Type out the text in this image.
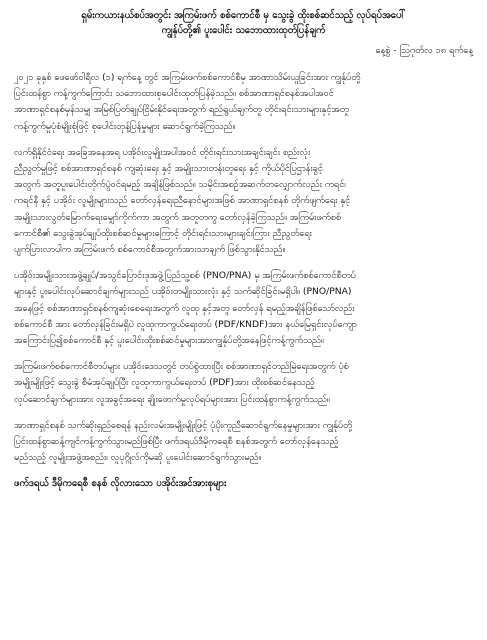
ရှမ်းကယားနယ်စပ်အတွင်း အကြမ်းဖက် စစ်ကောင်စီ မှ သွေးခွဲ ထိုးစစ်ဆင်သည့် လုပ်ရပ်အပေါ်
ကျွန်ုပ်တို့၏ ပူးပေါင်း သဘောထားထုတ်ပြန်ချက်
နေ့စွဲ - ဩဂုတ်လ ၁၈ ရက်နေ့
၂၀၂၁ ခုနှစ် ဖေဖော်ဝါရီလ (၁) ရက်နေ့ တွင် အကြမ်းဖက်စစ်ကောင်စီမှ အာဏာသိမ်းယူခြင်းအား ကျွန်ုပ်တို့
ပြင်းထန်စွာ ကန့်ကွက်ကြောင်း သဘောထားစုပေါင်းထုတ်ပြန်ခဲ့သည်။ စစ်အာဏာရှင်စနစ်အပါအဝင်
အာဏာရှင်စနစ်မှန်သမျှ အမြစ်ပြတ်ချုပ်ငြိမ်းနိုင်ရေးအတွက် ရည်ရွယ်ချက်တူ တိုင်းရင်းသားများနှင့်အတူ
ကန့်ကွက်မှုပုံစံမျိုးစုံဖြင့် စုပေါင်းတုန့်ပြန်မှုများ ဆောင်ရွက်ခဲ့ကြသည်။
လက်ရှိနိုင်ငံရေး အခြေအနေအရ ပအိုဝ်းလူမျိုးအပါအဝင် တိုင်းရင်းသားအချင်းချင်း စည်းလုံး
ညီညွတ်မှုဖြင့် စစ်အာဏာရှင်စနစ် ကျဆုံးရေး နှင့် အမျိုးသားတန်းတူရေး နှင့် ကိုယ်ပိုင်ပြဌာန်းခွင့်
အတွက် အတူပူးပေါင်းတိုက်ပွဲဝင်ရမည့် အချိန်ဖြစ်သည်။ သမိုင်းအစဉ်အဆက်တလျှောက်လည်း ကရင်၊
ကရင်နီ နှင့် ပအိုဝ်း လူမျိုးများသည် တော်လှန်ရေးညီနောင်များအဖြစ် အာဏာရှင်စနစ် တိုက်ဖျက်ရေး နှင့်
အမျိုးသားလွတ်မြောက်ရေးမျှော်ကိုက်ကာ အတွက် အတူတကွ တော်လှန်ခဲ့ကြသည်။ အကြမ်းဖက်စစ်
ကောင်စီ၏ သွေးခွဲအုပ်ချုပ်ထိုးစစ်ဆင်မှုများကြောင့် တိုင်းရင်းသားများချင်းကြား ညီညွတ်ရေး
ပျက်ပြားလာပါက အကြမ်းဖက် စစ်ကောင်စီအတွက်အားသာချက် ဖြစ်သွားနိုင်သည်။
ပအိုဝ်းအမျိုးသားအဖွဲ့ချုပ်/အသွင်ပြောင်းဒုအဖွဲ့ပြည်သူ့စစ် (PNO/PNA) မှ အကြမ်းဖက်စစ်ကောင်စီတပ်
များနှင့် ပူးပေါင်းလုပ်ဆောင်ချက်များသည် ပအိုဝ်းတမျိုးသားလုံး နှင့် သက်ဆိုင်ခြင်းမရှိပါ။ (PNO/PNA)
အနေဖြင့် စစ်အာဏာရှင်စနစ်ကျဆုံးစေရေးအတွက် လူထု နှင့်အတူ တော်လှန် ရမည့်အချိန်ဖြစ်သော်လည်း
စစ်ကောင်စီ အား တော်လှန်ခြင်းမရှိပဲ လူထုကာကွယ်ရေးတပ် (PDF/KNDF)အား နယ်မြေရှင်းလုပ်ကျော
အကြောင်းပြ၍စစ်ကောင်စီ နှင့် ပူးပေါင်းထိုးစစ်ဆင်မှုများအားကျွန်ုပ်တို့အနေဖြင့်ကန့်ကွက်သည်။
အကြမ်းဖက်စစ်ကောင်စီတပ်များ ပအိုဝ်းဒေသတွင် တပ်စွဲထားပြီး စစ်အာဏာရှင်တည်မြဲရေးအတွက် ပုံစံ
အမျိုးမျိုးဖြင့် သွေးခွဲ စီမံအုပ်ချုပ်ပြီး လူထုကာကွယ်ရေးတပ် (PDF)အား ထိုးစစ်ဆင်နေသည့်
လုပ်ဆောင်ချက်များအား လူအခွင့်အရေး ချိုးဖောက်မှုလုပ်ရပ်များအား ပြင်းထန်စွာကန့်ကွက်သည်။
အာဏာရှင်စနစ် သက်ဆိုးရှည်စေရန် နည်းလမ်းအမျိုးမျိုးဖြင့် ပုံပိုးကူညီဆောင်ရွက်နေမှုများအား ကျွန်ုပ်တို့
ပြင်းထန်စွာဆန့်ကျင်ကန့်ကွက်သွားမည်ဖြစ်ပြီး ဖက်ဒရယ်ဒီမိုကရေစီ စနစ်အတွက် တော်လှန်နေသည့်
မည်သည့် လူမျိုးအဖွဲ့အစည်း၊ လူပုဂ္ဂိုလ်ကိုမဆို ပူးပေါင်းဆောင်ရွက်သွားမည်။
ဖက်ဒရယ် ဒီမိုကရေစီ စနစ် လိုလားသော ပအိုဝ်းအင်အားစုများ
